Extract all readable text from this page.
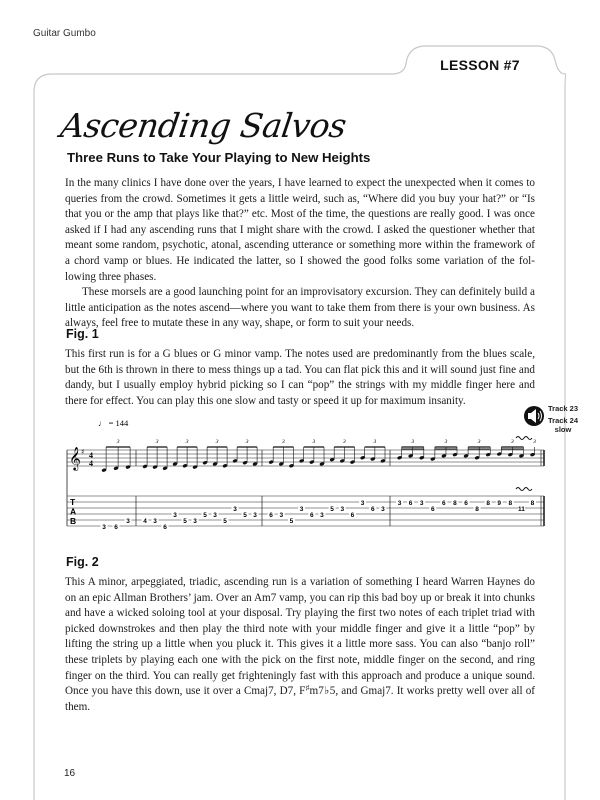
Guitar Gumbo
LESSON #7
Ascending Salvos
Three Runs to Take Your Playing to New Heights

In the many clinics I have done over the years, I have learned to expect the unexpected when it comes to queries from the crowd. Sometimes it gets a little weird, such as, “Where did you buy your hat?” or “Is that you or the amp that plays like that?” etc. Most of the time, the questions are really good. I was once asked if I had any ascending runs that I might share with the crowd. I asked the questioner whether that meant some random, psychotic, atonal, ascending utterance or something more within the framework of a chord vamp or blues. He indicated the latter, so I showed the good folks some variation of the following three phases.

These morsels are a good launching point for an improvisatory excursion. They can definitely build a little anticipation as the notes ascend—where you want to take them from there is your own business. As always, feel free to mutate these in any way, shape, or form to suit your needs.

Fig. 1
This first run is for a G blues or G minor vamp. The notes used are predominantly from the blues scale, but the 6th is thrown in there to mess things up a tad. You can flat pick this and it will sound just fine and dandy, but I usually employ hybrid picking so I can “pop” the strings with my middle finger here and there for effect. You can play this one slow and tasty or speed it up for maximum insanity.
♩ = 144
𝄞 ♯ 4
4
T
A
B
3 6
3
3
4 3
6
3
5 3
5 3
5
3
5 3
3	3	3	3
6 3
5
3
6 3
5 3
6
3
6 3
3	3	3	3
3 6 3
6
6 8 6
8
8 9 8
11
8
3	3	3	3	3
Track 23
Track 24
slow
Fig. 2
This A minor, arpeggiated, triadic, ascending run is a variation of something I heard Warren Haynes do on an epic Allman Brothers’ jam. Over an Am7 vamp, you can rip this bad boy up or break it into chunks and have a wicked soloing tool at your disposal. Try playing the first two notes of each triplet triad with picked downstrokes and then play the third note with your middle finger and give it a little “pop” by lifting the string up a little when you pluck it. This gives it a little more sass. You can also “banjo roll” these triplets by playing each one with the pick on the first note, middle finger on the second, and ring finger on the third. You can really get frighteningly fast with this approach and produce a unique sound. Once you have this down, use it over a Cmaj7, D7, F♯m7♭5, and Gmaj7. It works pretty well over all of them.
16
